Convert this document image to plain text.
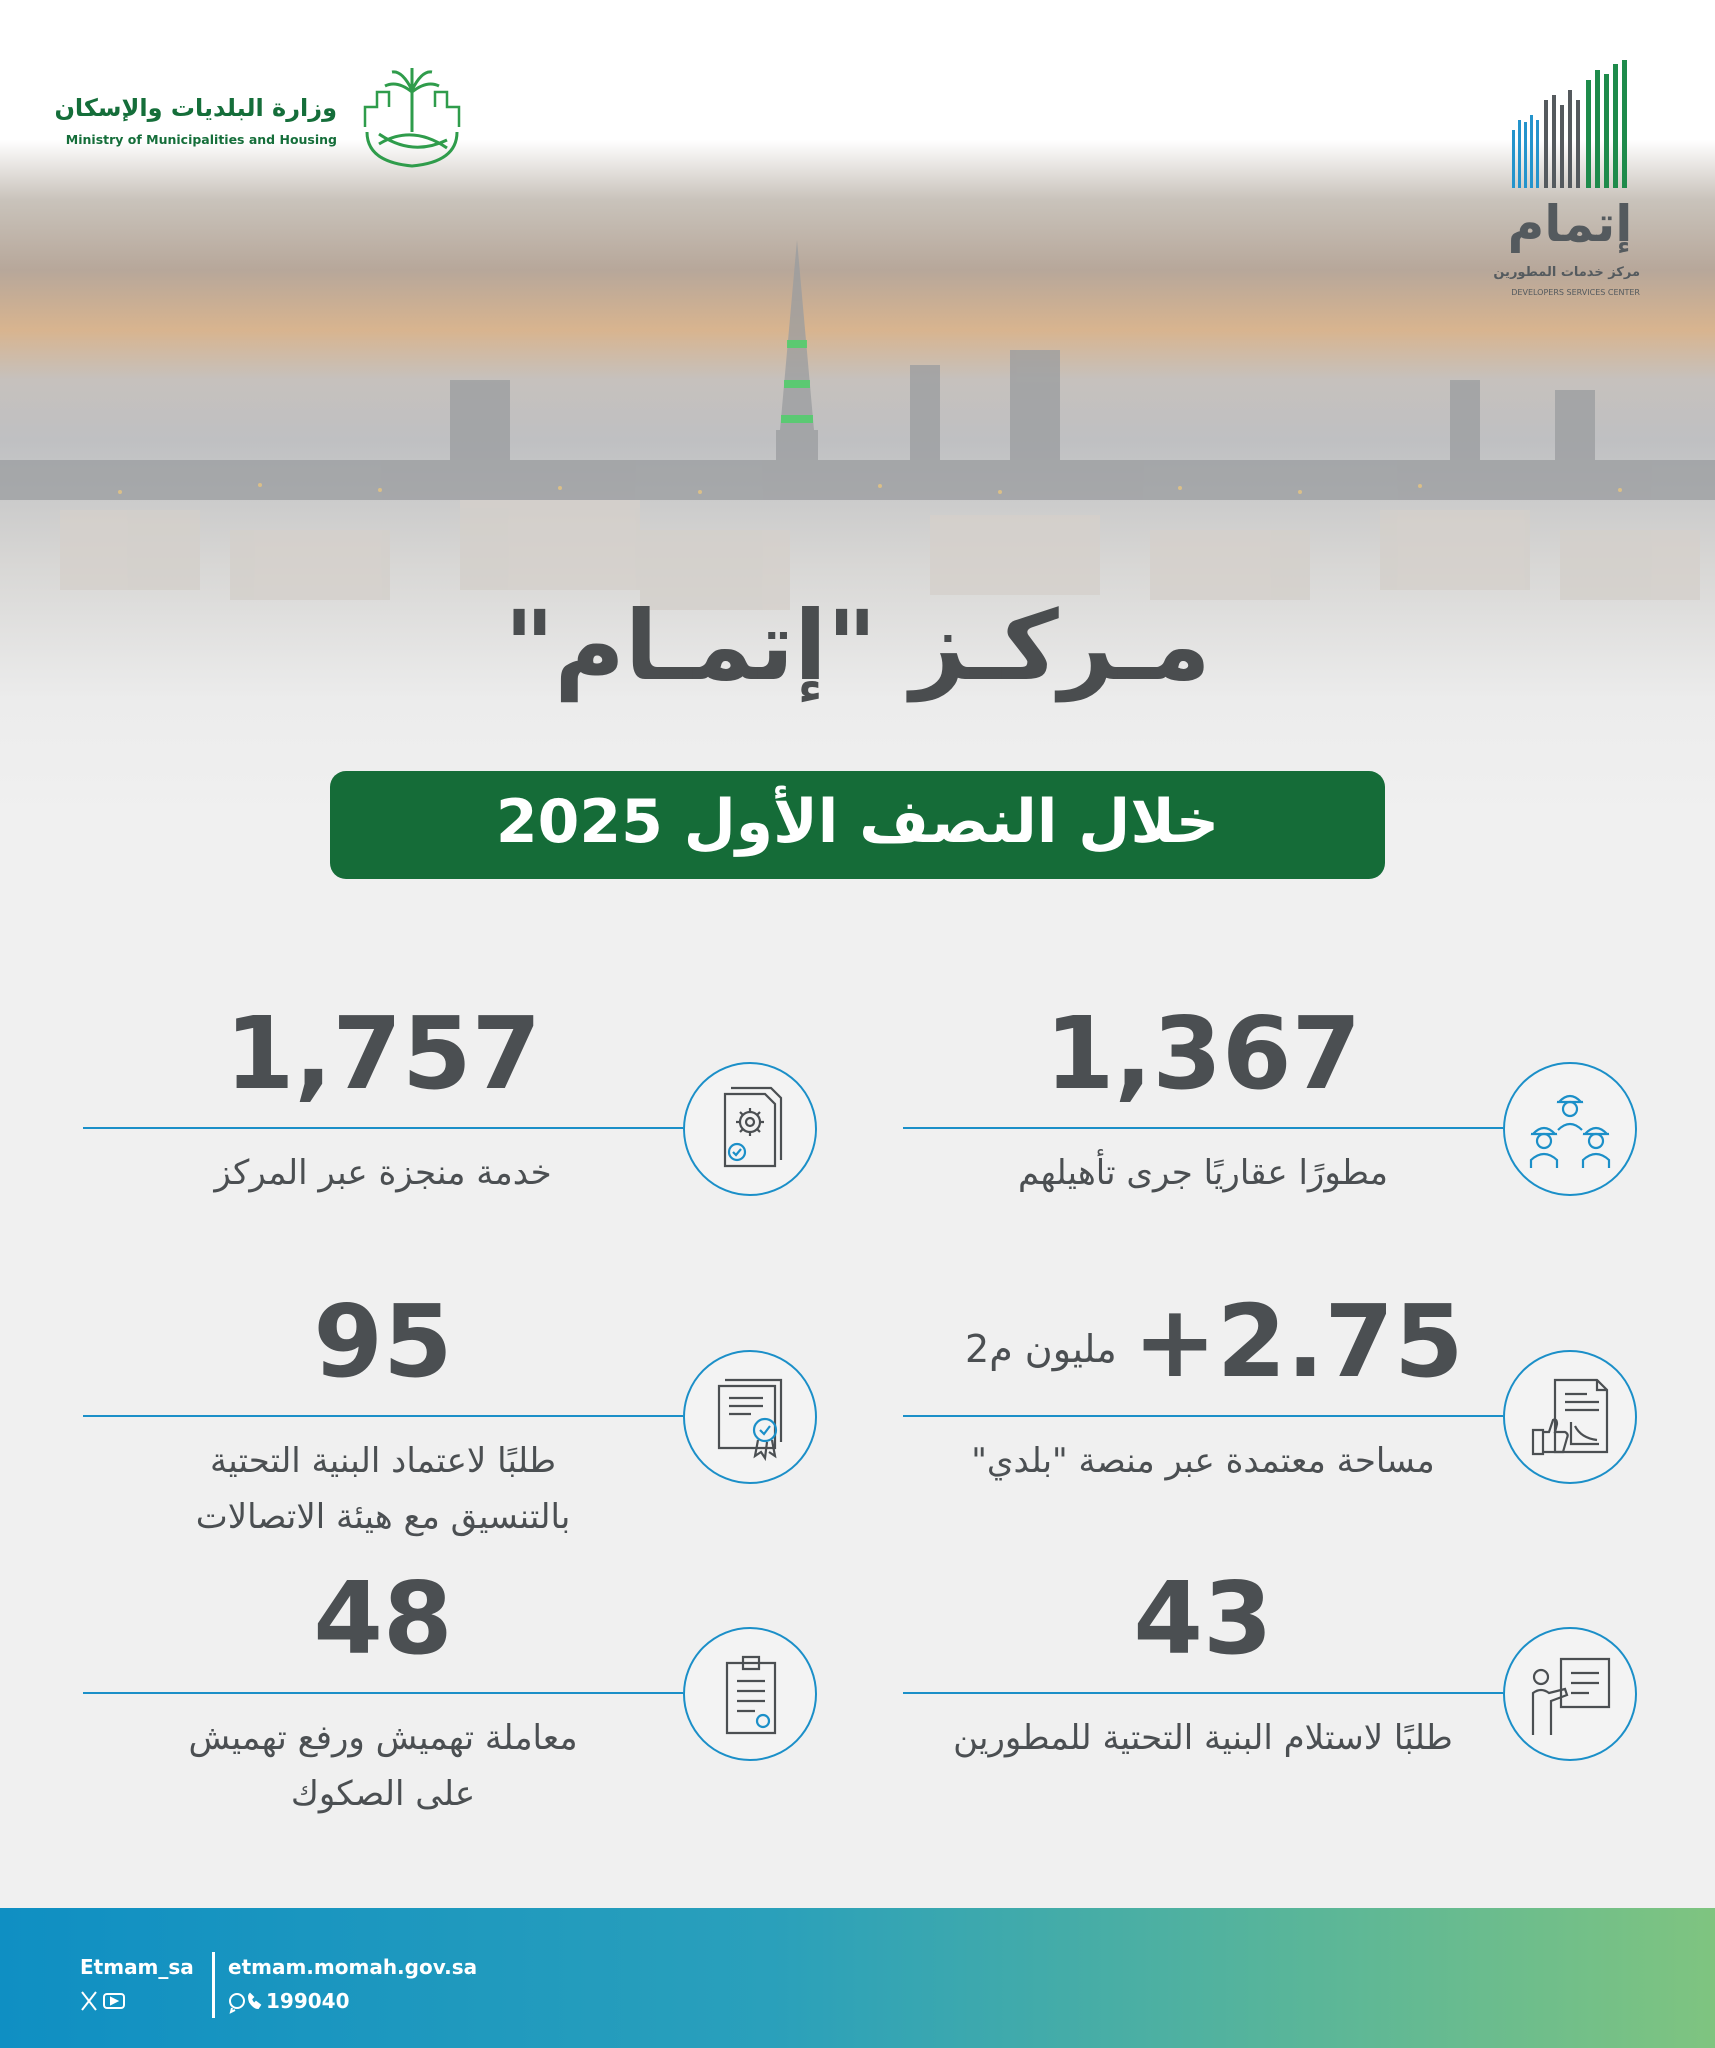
وزارة البلديات والإسكان
Ministry of Municipalities and Housing
إتمام
مركز خدمات المطورين
DEVELOPERS SERVICES CENTER
مـركـز "إتمـام"
خلال النصف الأول 2025
1,367
مطورًا عقاريًا جرى تأهيلهم
+2.75
مليون م2
مساحة معتمدة عبر منصة "بلدي"
43
طلبًا لاستلام البنية التحتية للمطورين
1,757
خدمة منجزة عبر المركز
95
طلبًا لاعتماد البنية التحتية
بالتنسيق مع هيئة الاتصالات
48
معاملة تهميش ورفع تهميش
على الصكوك
Etmam_sa etmam.momah.gov.sa
199040
